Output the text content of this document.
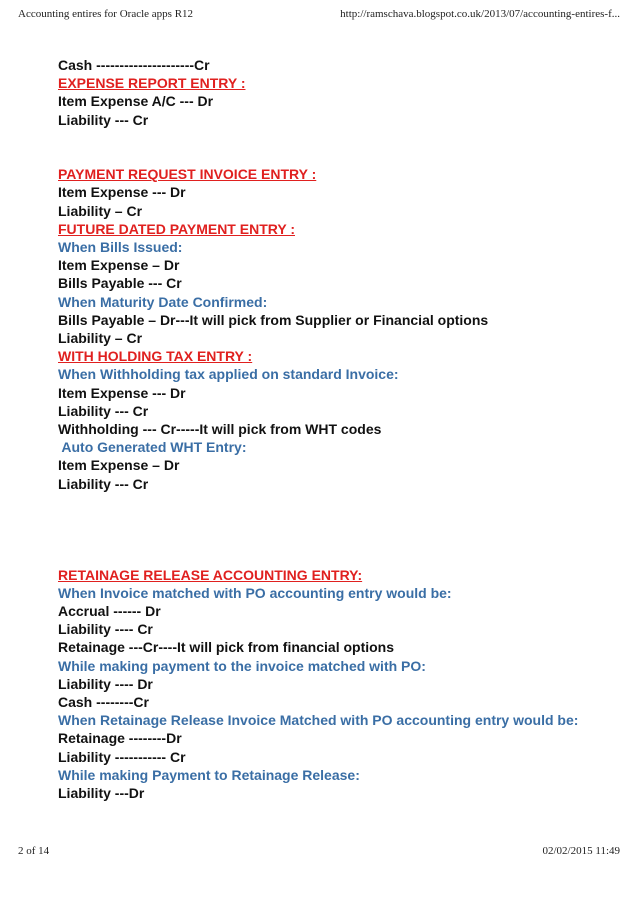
Accounting entires for Oracle apps R12	http://ramschava.blogspot.co.uk/2013/07/accounting-entires-f...
Cash ---------------------Cr
EXPENSE REPORT ENTRY :
Item Expense A/C --- Dr
Liability --- Cr
PAYMENT REQUEST INVOICE ENTRY :
Item Expense --- Dr
Liability – Cr
FUTURE DATED PAYMENT ENTRY :
When Bills Issued:
Item Expense – Dr
Bills Payable --- Cr
When Maturity Date Confirmed:
Bills Payable – Dr---It will pick from Supplier or Financial options
Liability – Cr
WITH HOLDING TAX ENTRY :
When Withholding tax applied on standard Invoice:
Item Expense --- Dr
Liability --- Cr
Withholding --- Cr-----It will pick from WHT codes
Auto Generated WHT Entry:
Item Expense – Dr
Liability --- Cr
RETAINAGE RELEASE ACCOUNTING ENTRY:
When Invoice matched with PO accounting entry would be:
Accrual ------ Dr
Liability ---- Cr
Retainage ---Cr----It will pick from financial options
While making payment to the invoice matched with PO:
Liability ---- Dr
Cash --------Cr
When Retainage Release Invoice Matched with PO accounting entry would be:
Retainage --------Dr
Liability ----------- Cr
While making Payment to Retainage Release:
Liability ---Dr
2 of 14	02/02/2015 11:49
